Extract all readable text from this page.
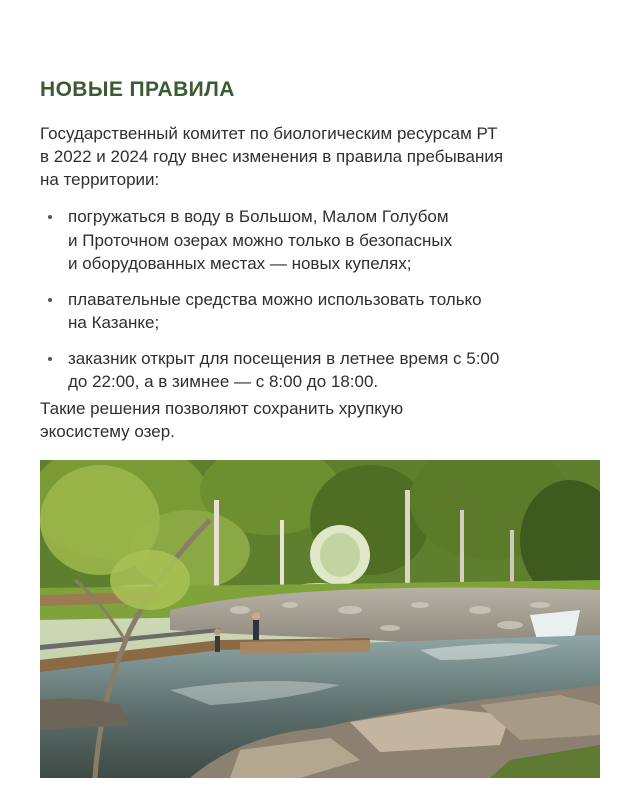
НОВЫЕ ПРАВИЛА
Государственный комитет по биологическим ресурсам РТ
в 2022 и 2024 году внес изменения в правила пребывания
на территории:
погружаться в воду в Большом, Малом Голубом
и Проточном озерах можно только в безопасных
и оборудованных местах — новых купелях;
плавательные средства можно использовать только
на Казанке;
заказник открыт для посещения в летнее время с 5:00
до 22:00, а в зимнее — с 8:00 до 18:00.
Такие решения позволяют сохранить хрупкую
экосистему озер.
